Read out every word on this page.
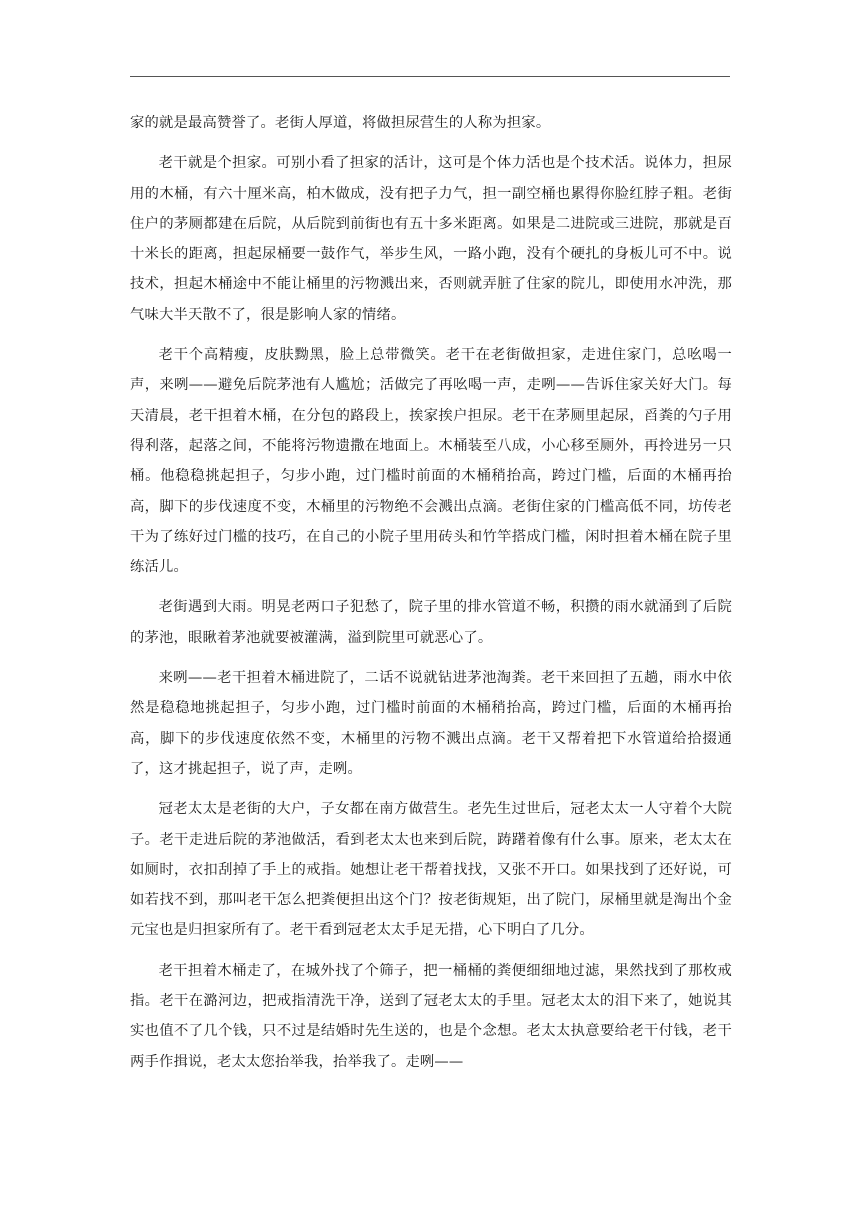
家的就是最高赞誉了。老街人厚道，将做担尿营生的人称为担家。

老干就是个担家。可别小看了担家的活计，这可是个体力活也是个技术活。说体力，担尿用的木桶，有六十厘米高，柏木做成，没有把子力气，担一副空桶也累得你脸红脖子粗。老街住户的茅厕都建在后院，从后院到前街也有五十多米距离。如果是二进院或三进院，那就是百十米长的距离，担起尿桶要一鼓作气，举步生风，一路小跑，没有个硬扎的身板儿可不中。说技术，担起木桶途中不能让桶里的污物溅出来，否则就弄脏了住家的院儿，即使用水冲洗，那气味大半天散不了，很是影响人家的情绪。

老干个高精瘦，皮肤黝黑，脸上总带微笑。老干在老街做担家，走进住家门，总吆喝一声，来咧——避免后院茅池有人尴尬；活做完了再吆喝一声，走咧——告诉住家关好大门。每天清晨，老干担着木桶，在分包的路段上，挨家挨户担尿。老干在茅厕里起尿，舀粪的勺子用得利落，起落之间，不能将污物遗撒在地面上。木桶装至八成，小心移至厕外，再拎进另一只桶。他稳稳挑起担子，匀步小跑，过门槛时前面的木桶稍抬高，跨过门槛，后面的木桶再抬高，脚下的步伐速度不变，木桶里的污物绝不会溅出点滴。老街住家的门槛高低不同，坊传老干为了练好过门槛的技巧，在自己的小院子里用砖头和竹竿搭成门槛，闲时担着木桶在院子里练活儿。

老街遇到大雨。明晃老两口子犯愁了，院子里的排水管道不畅，积攒的雨水就涌到了后院的茅池，眼瞅着茅池就要被灌满，溢到院里可就恶心了。

来咧——老干担着木桶进院了，二话不说就钻进茅池淘粪。老干来回担了五趟，雨水中依然是稳稳地挑起担子，匀步小跑，过门槛时前面的木桶稍抬高，跨过门槛，后面的木桶再抬高，脚下的步伐速度依然不变，木桶里的污物不溅出点滴。老干又帮着把下水管道给拾掇通了，这才挑起担子，说了声，走咧。

冠老太太是老街的大户，子女都在南方做营生。老先生过世后，冠老太太一人守着个大院子。老干走进后院的茅池做活，看到老太太也来到后院，踌躇着像有什么事。原来，老太太在如厕时，衣扣刮掉了手上的戒指。她想让老干帮着找找，又张不开口。如果找到了还好说，可如若找不到，那叫老干怎么把粪便担出这个门？按老街规矩，出了院门，尿桶里就是淘出个金元宝也是归担家所有了。老干看到冠老太太手足无措，心下明白了几分。

老干担着木桶走了，在城外找了个筛子，把一桶桶的粪便细细地过滤，果然找到了那枚戒指。老干在潞河边，把戒指清洗干净，送到了冠老太太的手里。冠老太太的泪下来了，她说其实也值不了几个钱，只不过是结婚时先生送的，也是个念想。老太太执意要给老干付钱，老干两手作揖说，老太太您抬举我，抬举我了。走咧——
